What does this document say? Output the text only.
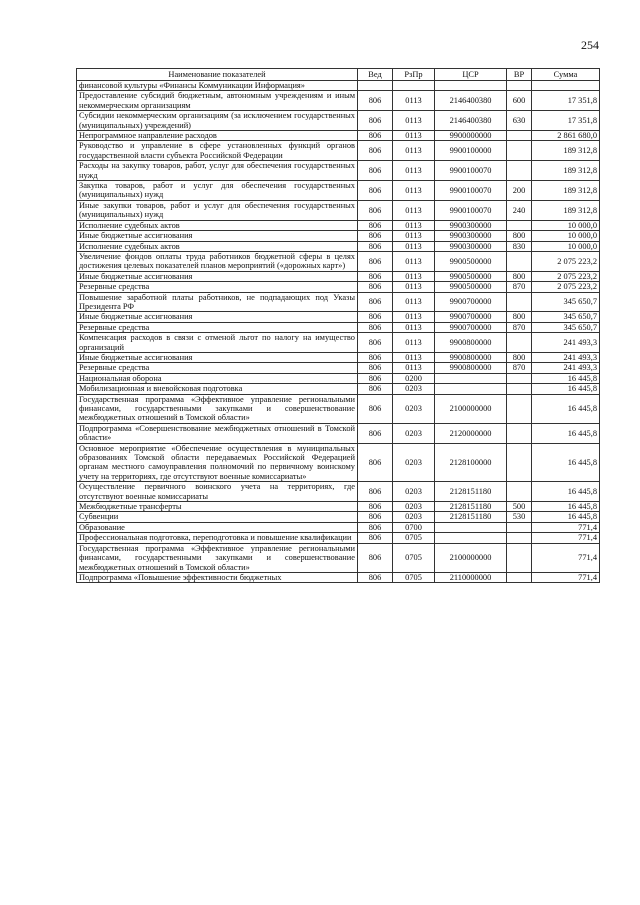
254
Наименование показателей	Вед	РзПр	ЦСР	ВР	Сумма
финансовой культуры «Финансы Коммуникации Информация»					
Предоставление субсидий бюджетным, автономным учреждениям и иным некоммерческим организациям	806	0113	2146400380	600	17 351,8
Субсидии некоммерческим организациям (за исключением государственных (муниципальных) учреждений)	806	0113	2146400380	630	17 351,8
Непрограммное направление расходов	806	0113	9900000000		2 861 680,0
Руководство и управление в сфере установленных функций органов государственной власти субъекта Российской Федерации	806	0113	9900100000		189 312,8
Расходы на закупку товаров, работ, услуг для обеспечения государственных нужд	806	0113	9900100070		189 312,8
Закупка товаров, работ и услуг для обеспечения государственных (муниципальных) нужд	806	0113	9900100070	200	189 312,8
Иные закупки товаров, работ и услуг для обеспечения государственных (муниципальных) нужд	806	0113	9900100070	240	189 312,8
Исполнение судебных актов	806	0113	9900300000		10 000,0
Иные бюджетные ассигнования	806	0113	9900300000	800	10 000,0
Исполнение судебных актов	806	0113	9900300000	830	10 000,0
Увеличение фондов оплаты труда работников бюджетной сферы в целях достижения целевых показателей планов мероприятий («дорожных карт»)	806	0113	9900500000		2 075 223,2
Иные бюджетные ассигнования	806	0113	9900500000	800	2 075 223,2
Резервные средства	806	0113	9900500000	870	2 075 223,2
Повышение заработной платы работников, не подпадающих под Указы Президента РФ	806	0113	9900700000		345 650,7
Иные бюджетные ассигнования	806	0113	9900700000	800	345 650,7
Резервные средства	806	0113	9900700000	870	345 650,7
Компенсация расходов в связи с отменой льгот по налогу на имущество организаций	806	0113	9900800000		241 493,3
Иные бюджетные ассигнования	806	0113	9900800000	800	241 493,3
Резервные средства	806	0113	9900800000	870	241 493,3
Национальная оборона	806	0200			16 445,8
Мобилизационная и вневойсковая подготовка	806	0203			16 445,8
Государственная программа «Эффективное управление региональными финансами, государственными закупками и совершенствование межбюджетных отношений в Томской области»	806	0203	2100000000		16 445,8
Подпрограмма «Совершенствование межбюджетных отношений в Томской области»	806	0203	2120000000		16 445,8
Основное мероприятие «Обеспечение осуществления в муниципальных образованиях Томской области передаваемых Российской Федерацией органам местного самоуправления полномочий по первичному воинскому учету на территориях, где отсутствуют военные комиссариаты»	806	0203	2128100000		16 445,8
Осуществление первичного воинского учета на территориях, где отсутствуют военные комиссариаты	806	0203	2128151180		16 445,8
Межбюджетные трансферты	806	0203	2128151180	500	16 445,8
Субвенции	806	0203	2128151180	530	16 445,8
Образование	806	0700			771,4
Профессиональная подготовка, переподготовка и повышение квалификации	806	0705			771,4
Государственная программа «Эффективное управление региональными финансами, государственными закупками и совершенствование межбюджетных отношений в Томской области»	806	0705	2100000000		771,4
Подпрограмма «Повышение эффективности бюджетных	806	0705	2110000000		771,4
